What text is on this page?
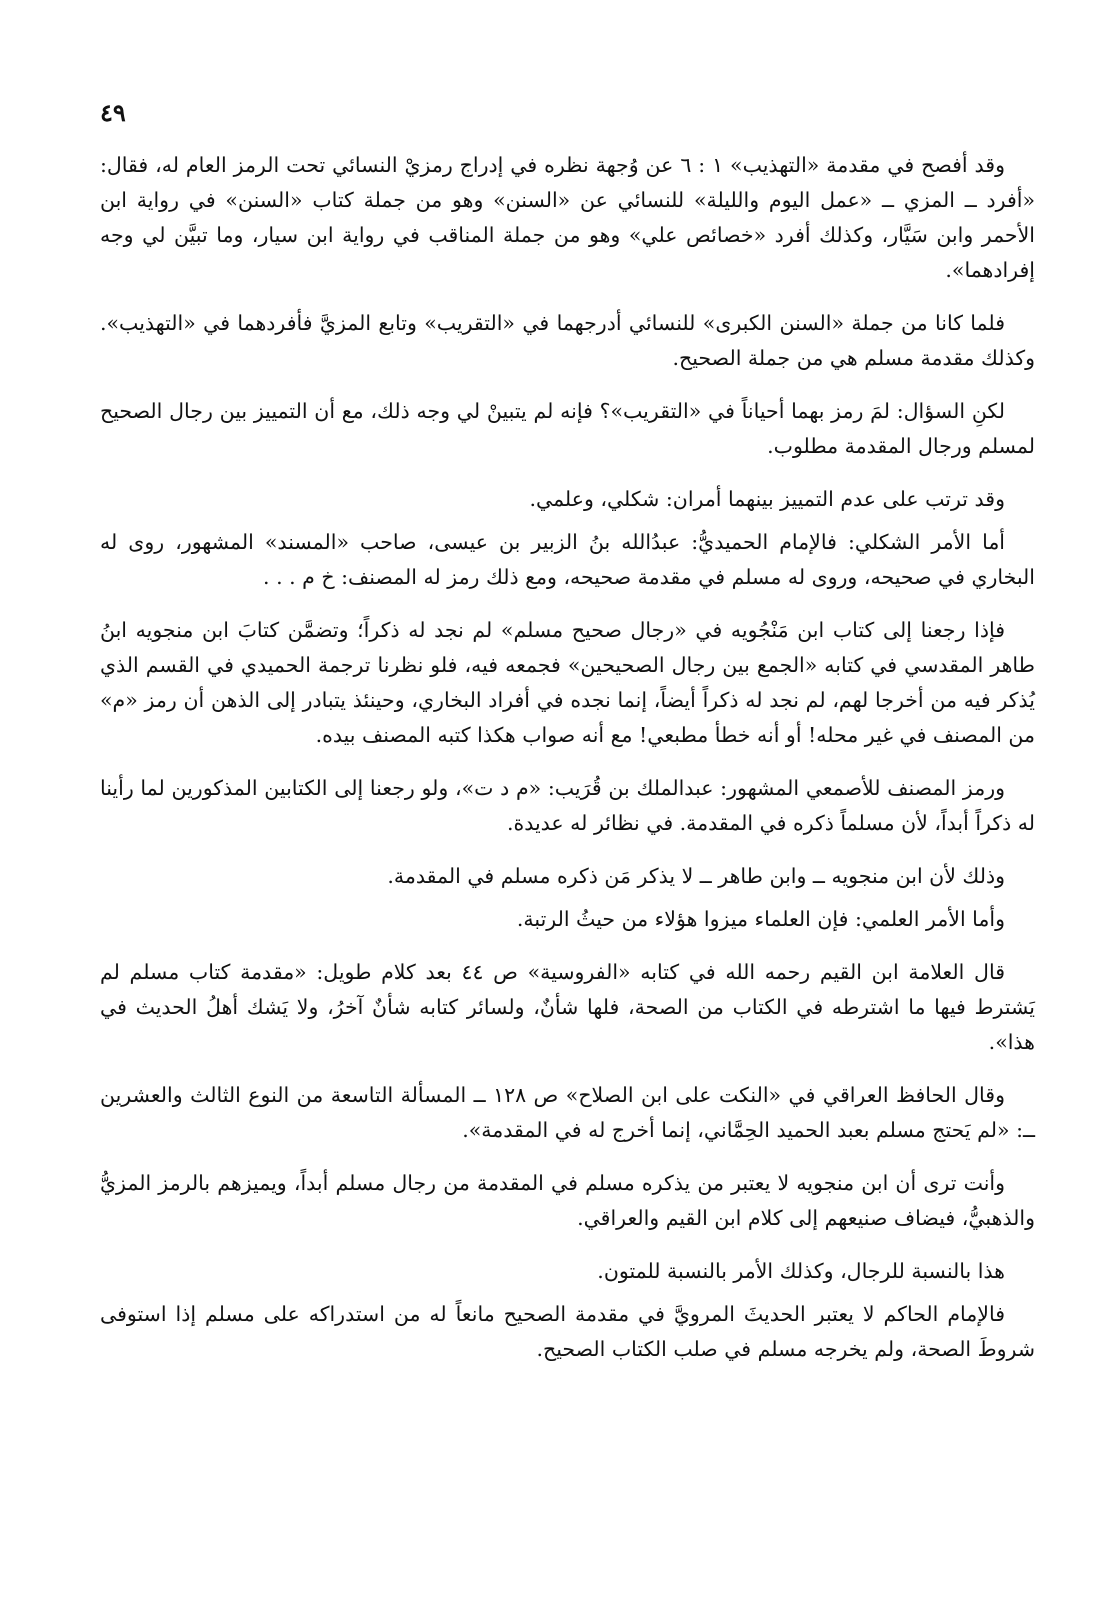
٤٩

وقد أفصح في مقدمة «التهذيب» ١ : ٦ عن وُجهة نظره في إدراج رمزيْ النسائي تحت الرمز العام له، فقال: «أفرد ــ المزي ــ «عمل اليوم والليلة» للنسائي عن «السنن» وهو من جملة كتاب «السنن» في رواية ابن الأحمر وابن سَيَّار، وكذلك أفرد «خصائص علي» وهو من جملة المناقب في رواية ابن سيار، وما تبيَّن لي وجه إفرادهما».

فلما كانا من جملة «السنن الكبرى» للنسائي أدرجهما في «التقريب» وتابع المزيَّ فأفردهما في «التهذيب». وكذلك مقدمة مسلم هي من جملة الصحيح.

لكنِ السؤال: لمَ رمز بهما أحياناً في «التقريب»؟ فإنه لم يتبينْ لي وجه ذلك، مع أن التمييز بين رجال الصحيح لمسلم ورجال المقدمة مطلوب.

وقد ترتب على عدم التمييز بينهما أمران: شكلي، وعلمي.

أما الأمر الشكلي: فالإمام الحميديُّ: عبدُالله بنُ الزبير بن عيسى، صاحب «المسند» المشهور، روى له البخاري في صحيحه، وروى له مسلم في مقدمة صحيحه، ومع ذلك رمز له المصنف: خ م . . .

فإذا رجعنا إلى كتاب ابن مَنْجُويه في «رجال صحيح مسلم» لم نجد له ذكراً؛ وتضمَّن كتابَ ابن منجويه ابنُ طاهر المقدسي في كتابه «الجمع بين رجال الصحيحين» فجمعه فيه، فلو نظرنا ترجمة الحميدي في القسم الذي يُذكر فيه من أخرجا لهم، لم نجد له ذكراً أيضاً، إنما نجده في أفراد البخاري، وحينئذ يتبادر إلى الذهن أن رمز «م» من المصنف في غير محله! أو أنه خطأ مطبعي! مع أنه صواب هكذا كتبه المصنف بيده.

ورمز المصنف للأصمعي المشهور: عبدالملك بن قُرَيب: «م د ت»، ولو رجعنا إلى الكتابين المذكورين لما رأينا له ذكراً أبداً، لأن مسلماً ذكره في المقدمة. في نظائر له عديدة.

وذلك لأن ابن منجويه ــ وابن طاهر ــ لا يذكر مَن ذكره مسلم في المقدمة.

وأما الأمر العلمي: فإن العلماء ميزوا هؤلاء من حيثُ الرتبة.

قال العلامة ابن القيم رحمه الله في كتابه «الفروسية» ص ٤٤ بعد كلام طويل: «مقدمة كتاب مسلم لم يَشترط فيها ما اشترطه في الكتاب من الصحة، فلها شأنٌ، ولسائر كتابه شأنٌ آخرُ، ولا يَشك أهلُ الحديث في هذا».

وقال الحافظ العراقي في «النكت على ابن الصلاح» ص ١٢٨ ــ المسألة التاسعة من النوع الثالث والعشرين ــ: «لم يَحتج مسلم بعبد الحميد الحِمَّاني، إنما أخرج له في المقدمة».

وأنت ترى أن ابن منجويه لا يعتبر من يذكره مسلم في المقدمة من رجال مسلم أبداً، ويميزهم بالرمز المزيُّ والذهبيُّ، فيضاف صنيعهم إلى كلام ابن القيم والعراقي.

هذا بالنسبة للرجال، وكذلك الأمر بالنسبة للمتون.

فالإمام الحاكم لا يعتبر الحديثَ المرويَّ في مقدمة الصحيح مانعاً له من استدراكه على مسلم إذا استوفى شروطَ الصحة، ولم يخرجه مسلم في صلب الكتاب الصحيح.
